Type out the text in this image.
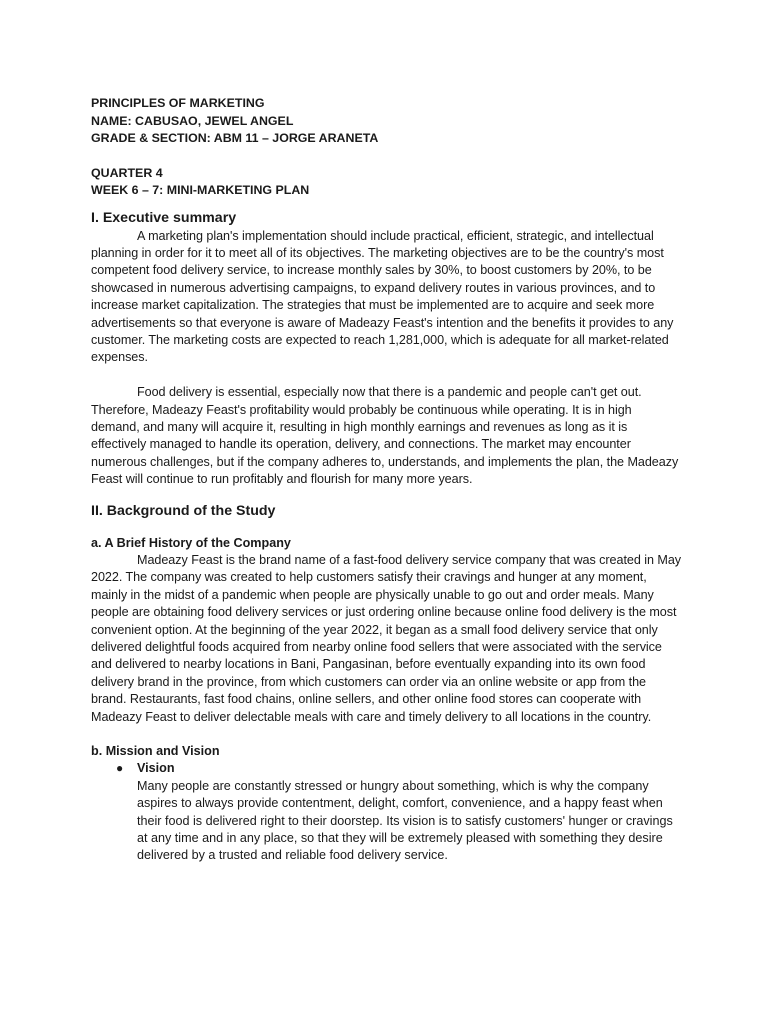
PRINCIPLES OF MARKETING
NAME: CABUSAO, JEWEL ANGEL
GRADE & SECTION: ABM 11 – JORGE ARANETA
QUARTER 4
WEEK 6 – 7: MINI-MARKETING PLAN
I. Executive summary

A marketing plan's implementation should include practical, efficient, strategic, and intellectual planning in order for it to meet all of its objectives. The marketing objectives are to be the country's most competent food delivery service, to increase monthly sales by 30%, to boost customers by 20%, to be showcased in numerous advertising campaigns, to expand delivery routes in various provinces, and to increase market capitalization. The strategies that must be implemented are to acquire and seek more advertisements so that everyone is aware of Madeazy Feast's intention and the benefits it provides to any customer. The marketing costs are expected to reach 1,281,000, which is adequate for all market-related expenses.

Food delivery is essential, especially now that there is a pandemic and people can't get out. Therefore, Madeazy Feast's profitability would probably be continuous while operating. It is in high demand, and many will acquire it, resulting in high monthly earnings and revenues as long as it is effectively managed to handle its operation, delivery, and connections. The market may encounter numerous challenges, but if the company adheres to, understands, and implements the plan, the Madeazy Feast will continue to run profitably and flourish for many more years.

II. Background of the Study
a. A Brief History of the Company

Madeazy Feast is the brand name of a fast-food delivery service company that was created in May 2022. The company was created to help customers satisfy their cravings and hunger at any moment, mainly in the midst of a pandemic when people are physically unable to go out and order meals. Many people are obtaining food delivery services or just ordering online because online food delivery is the most convenient option. At the beginning of the year 2022, it began as a small food delivery service that only delivered delightful foods acquired from nearby online food sellers that were associated with the service and delivered to nearby locations in Bani, Pangasinan, before eventually expanding into its own food delivery brand in the province, from which customers can order via an online website or app from the brand. Restaurants, fast food chains, online sellers, and other online food stores can cooperate with Madeazy Feast to deliver delectable meals with care and timely delivery to all locations in the country.

b. Mission and Vision
● Vision
Many people are constantly stressed or hungry about something, which is why the company aspires to always provide contentment, delight, comfort, convenience, and a happy feast when their food is delivered right to their doorstep. Its vision is to satisfy customers' hunger or cravings at any time and in any place, so that they will be extremely pleased with something they desire delivered by a trusted and reliable food delivery service.
